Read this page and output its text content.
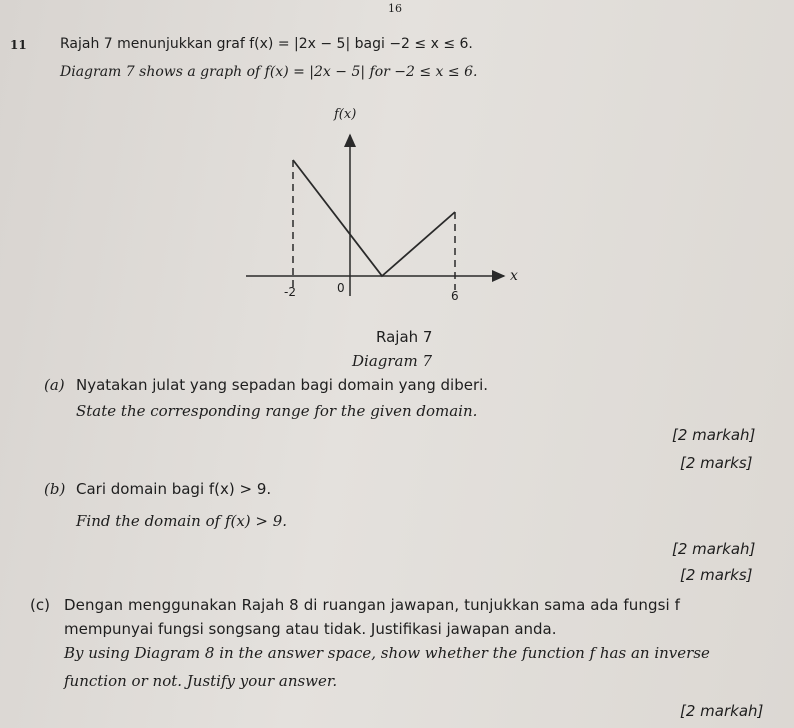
16
11 Rajah 7 menunjukkan graf f(x) = |2x − 5| bagi −2 ≤ x ≤ 6.
Diagram 7 shows a graph of f(x) = |2x − 5| for −2 ≤ x ≤ 6.
f(x)
x
-2	0
6
Rajah 7
Diagram 7
(a) Nyatakan julat yang sepadan bagi domain yang diberi.
State the corresponding range for the given domain.
[2 markah]
[2 marks]
(b) Cari domain bagi f(x) > 9.
Find the domain of f(x) > 9.
[2 markah]
[2 marks]
(c) Dengan menggunakan Rajah 8 di ruangan jawapan, tunjukkan sama ada fungsi f
mempunyai fungsi songsang atau tidak. Justifikasi jawapan anda.
By using Diagram 8 in the answer space, show whether the function f has an inverse
function or not. Justify your answer.
[2 markah]
